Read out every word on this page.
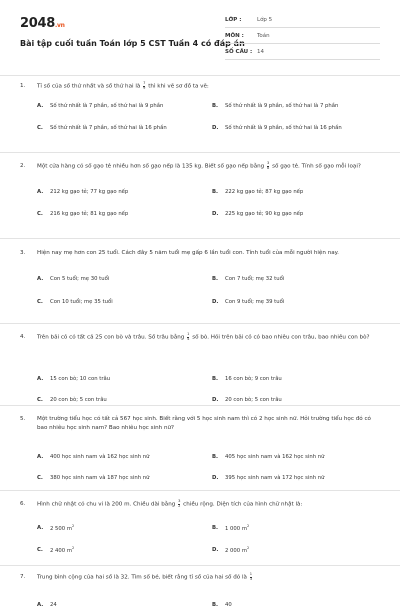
2048.vn
Bài tập cuối tuần Toán lớp 5 CST Tuần 4 có đáp án
LỚP :	Lớp 5
MÔN :	Toán
SỐ CÂU : 14
1.	Tỉ số của số thứ nhất và số thứ hai là $\frac{7}{9}$ thì khi vẽ sơ đồ ta vẽ:
A.	Số thứ nhất là 7 phần, số thứ hai là 9 phần	B.	Số thứ nhất là 9 phần, số thứ hai là 7 phần
C.	Số thứ nhất là 7 phần, số thứ hai là 16 phần	D.	Số thứ nhất là 9 phần, số thứ hai là 16 phần
2.	Một cửa hàng có số gạo tẻ nhiều hơn số gạo nếp là 135 kg. Biết số gạo nếp bằng $\frac{3}{8}$ số gạo tẻ. Tính số gạo mỗi loại?
A.	212 kg gạo tẻ; 77 kg gạo nếp	B.	222 kg gạo tẻ; 87 kg gạo nếp
C.	216 kg gạo tẻ; 81 kg gạo nếp	D.	225 kg gạo tẻ; 90 kg gạo nếp
3.	Hiện nay mẹ hơn con 25 tuổi. Cách đây 5 năm tuổi mẹ gấp 6 lần tuổi con. Tính tuổi của mỗi người hiện nay.
A.	Con 5 tuổi; mẹ 30 tuổi	B.	Con 7 tuổi; mẹ 32 tuổi
C.	Con 10 tuổi; mẹ 35 tuổi	D.	Con 9 tuổi; mẹ 39 tuổi
4.	Trên bãi cỏ có tất cả 25 con bò và trâu. Số trâu bằng $\frac{1}{4}$ số bò. Hỏi trên bãi cỏ có bao nhiêu con trâu, bao nhiêu con bò?
A.	15 con bò; 10 con trâu	B.	16 con bò; 9 con trâu
C.	20 con bò; 5 con trâu	D.	20 con bò; 5 con trâu
5.	Một trường tiểu học có tất cả 567 học sinh. Biết rằng với 5 học sinh nam thì có 2 học sinh nữ. Hỏi trường tiểu học đó có bao nhiêu học sinh nam? Bao nhiêu học sinh nữ?
A.	400 học sinh nam và 162 học sinh nữ	B.	405 học sinh nam và 162 học sinh nữ
C.	380 học sinh nam và 187 học sinh nữ	D.	395 học sinh nam và 172 học sinh nữ
6.	Hình chữ nhật có chu vi là 200 m. Chiều dài bằng $\frac{3}{2}$ chiều rộng. Diện tích của hình chữ nhật là:
A.	2 500 $m^2$	B.	1 000 $m^2$
C.	2 400 $m^2$	D.	2 000 $m^2$
7.	Trung bình cộng của hai số là 32. Tìm số bé, biết rằng tỉ số của hai số đó là $\frac{1}{3}$
A.	24	B.	40
